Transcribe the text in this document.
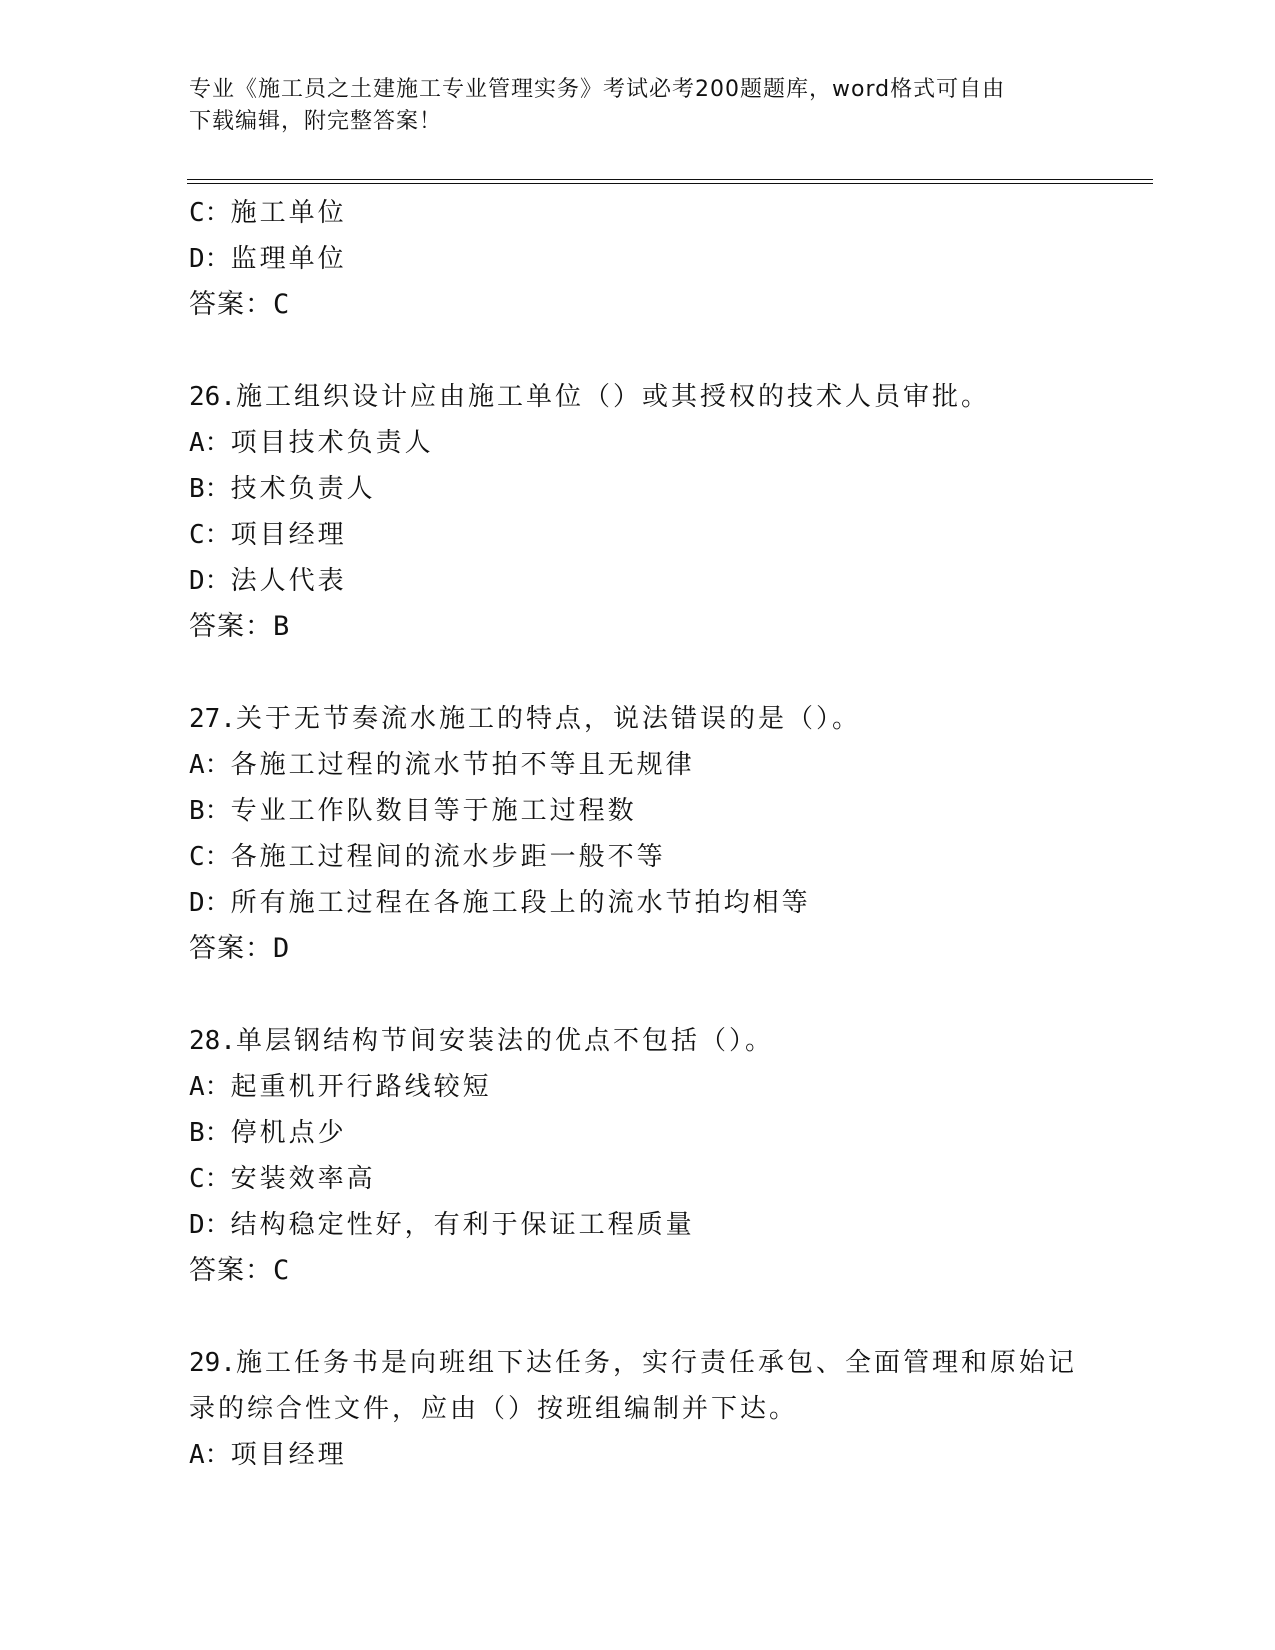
专业《施工员之土建施工专业管理实务》考试必考200题题库，word格式可自由
下载编辑，附完整答案！
C：施工单位
D：监理单位
答案：C
26.施工组织设计应由施工单位（）或其授权的技术人员审批。
A：项目技术负责人
B：技术负责人
C：项目经理
D：法人代表
答案：B
27.关于无节奏流水施工的特点，说法错误的是（）。
A：各施工过程的流水节拍不等且无规律
B：专业工作队数目等于施工过程数
C：各施工过程间的流水步距一般不等
D：所有施工过程在各施工段上的流水节拍均相等
答案：D
28.单层钢结构节间安装法的优点不包括（）。
A：起重机开行路线较短
B：停机点少
C：安装效率高
D：结构稳定性好，有利于保证工程质量
答案：C
29.施工任务书是向班组下达任务，实行责任承包、全面管理和原始记
录的综合性文件，应由（）按班组编制并下达。
A：项目经理
